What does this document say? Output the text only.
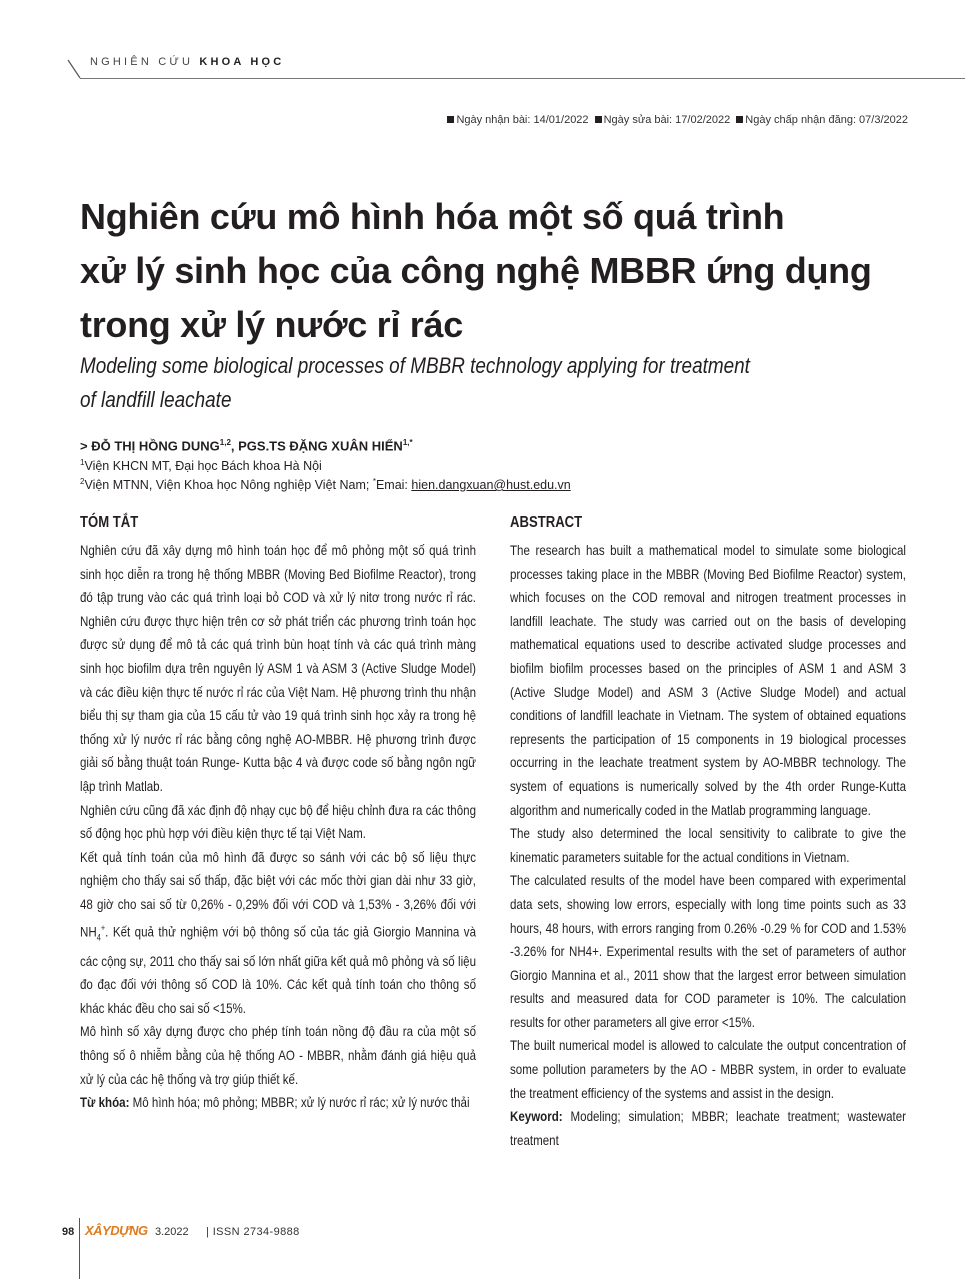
NGHIÊN CỨU KHOA HỌC
Ngày nhận bài: 14/01/2022 Ngày sửa bài: 17/02/2022 Ngày chấp nhận đăng: 07/3/2022
Nghiên cứu mô hình hóa một số quá trình
xử lý sinh học của công nghệ MBBR ứng dụng
trong xử lý nước rỉ rác
Modeling some biological processes of MBBR technology applying for treatment
of landfill leachate
> ĐỖ THỊ HỒNG DUNG$^{1,2}$, PGS.TS ĐẶNG XUÂN HIỂN$^{1,*}$
$^1$Viện KHCN MT, Đại học Bách khoa Hà Nội
$^2$Viện MTNN, Viện Khoa học Nông nghiệp Việt Nam; *Emai: hien.dangxuan@hust.edu.vn
TÓM TẮT

Nghiên cứu đã xây dựng mô hình toán học để mô phỏng một số quá trình sinh học diễn ra trong hệ thống MBBR (Moving Bed Biofilme Reactor), trong đó tập trung vào các quá trình loại bỏ COD và xử lý nitơ trong nước rỉ rác. Nghiên cứu được thực hiện trên cơ sở phát triển các phương trình toán học được sử dụng để mô tả các quá trình bùn hoạt tính và các quá trình màng sinh học biofilm dựa trên nguyên lý ASM 1 và ASM 3 (Active Sludge Model) và các điều kiện thực tế nước rỉ rác của Việt Nam. Hệ phương trình thu nhận biểu thị sự tham gia của 15 cấu tử vào 19 quá trình sinh học xảy ra trong hệ thống xử lý nước rỉ rác bằng công nghệ AO-MBBR. Hệ phương trình được giải số bằng thuật toán Runge- Kutta bậc 4 và được code số bằng ngôn ngữ lập trình Matlab.

Nghiên cứu cũng đã xác định độ nhạy cục bộ để hiệu chỉnh đưa ra các thông số động học phù hợp với điều kiện thực tế tại Việt Nam.

Kết quả tính toán của mô hình đã được so sánh với các bộ số liệu thực nghiệm cho thấy sai số thấp, đặc biệt với các mốc thời gian dài như 33 giờ, 48 giờ cho sai số từ 0,26% - 0,29% đối với COD và 1,53% - 3,26% đối với $NH_4^+$. Kết quả thử nghiệm với bộ thông số của tác giả Giorgio Mannina và các cộng sự, 2011 cho thấy sai số lớn nhất giữa kết quả mô phỏng và số liệu đo đạc đối với thông số COD là 10%. Các kết quả tính toán cho thông số khác khác đều cho sai số <15%.

Mô hình số xây dựng được cho phép tính toán nồng độ đầu ra của một số thông số ô nhiễm bằng của hệ thống AO - MBBR, nhằm đánh giá hiệu quả xử lý của các hệ thống và trợ giúp thiết kế.

Từ khóa: Mô hình hóa; mô phỏng; MBBR; xử lý nước rỉ rác; xử lý nước thải

ABSTRACT

The research has built a mathematical model to simulate some biological processes taking place in the MBBR (Moving Bed Biofilme Reactor) system, which focuses on the COD removal and nitrogen treatment processes in landfill leachate. The study was carried out on the basis of developing mathematical equations used to describe activated sludge processes and biofilm biofilm processes based on the principles of ASM 1 and ASM 3 (Active Sludge Model) and ASM 3 (Active Sludge Model) and actual conditions of landfill leachate in Vietnam. The system of obtained equations represents the participation of 15 components in 19 biological processes occurring in the leachate treatment system by AO-MBBR technology. The system of equations is numerically solved by the 4th order Runge-Kutta algorithm and numerically coded in the Matlab programming language.

The study also determined the local sensitivity to calibrate to give the kinematic parameters suitable for the actual conditions in Vietnam.

The calculated results of the model have been compared with experimental data sets, showing low errors, especially with long time points such as 33 hours, 48 hours, with errors ranging from 0.26% -0.29 % for COD and 1.53% -3.26% for NH4+. Experimental results with the set of parameters of author Giorgio Mannina et al., 2011 show that the largest error between simulation results and measured data for COD parameter is 10%. The calculation results for other parameters all give error <15%.

The built numerical model is allowed to calculate the output concentration of some pollution parameters by the AO - MBBR system, in order to evaluate the treatment efficiency of the systems and assist in the design.

Keyword: Modeling; simulation; MBBR; leachate treatment; wastewater treatment

98 XÂYDỰNG 3.2022 | ISSN 2734-9888
